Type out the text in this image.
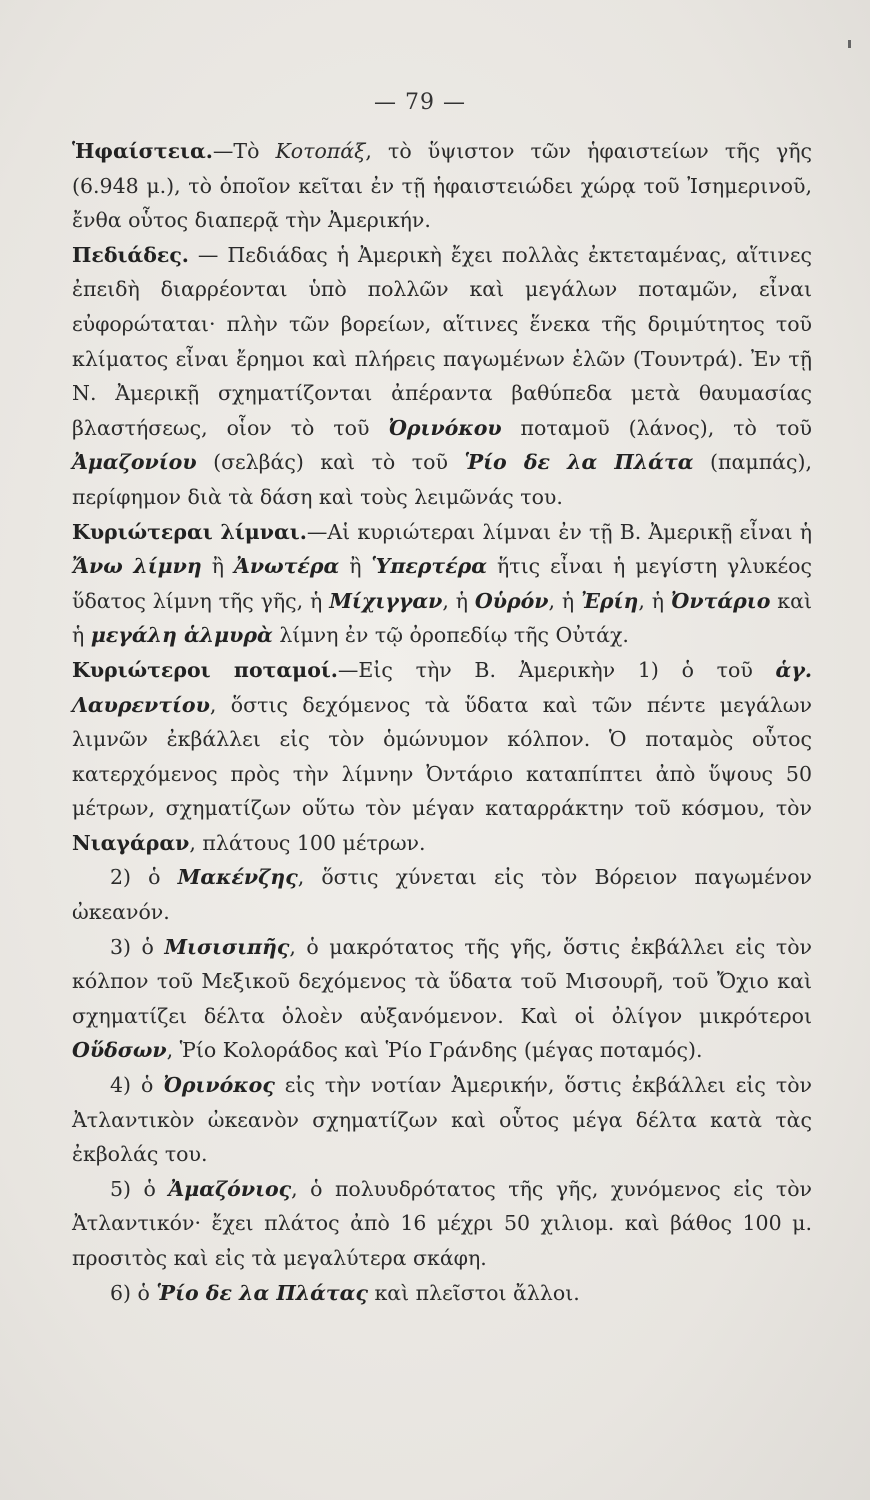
— 79 —

Ἡφαίστεια.—Τὸ Κοτοπάξ, τὸ ὕψιστον τῶν ἡφαιστείων τῆς γῆς (6.948 μ.), τὸ ὁποῖον κεῖται ἐν τῇ ἡφαιστειώδει χώρᾳ τοῦ Ἰσημερινοῦ, ἔνθα οὗτος διαπερᾷ τὴν Ἀμερικήν.

Πεδιάδες. — Πεδιάδας ἡ Ἀμερικὴ ἔχει πολλὰς ἐκτεταμένας, αἵτινες ἐπειδὴ διαρρέονται ὑπὸ πολλῶν καὶ μεγάλων ποταμῶν, εἶναι εὐφορώταται· πλὴν τῶν βορείων, αἵτινες ἕνεκα τῆς δριμύτητος τοῦ κλίματος εἶναι ἔρημοι καὶ πλήρεις παγωμένων ἑλῶν (Τουντρά). Ἐν τῇ Ν. Ἀμερικῇ σχηματίζονται ἀπέραντα βαθύπεδα μετὰ θαυμασίας βλαστήσεως, οἷον τὸ τοῦ Ὀρινόκου ποταμοῦ (λάνος), τὸ τοῦ Ἀμαζονίου (σελβάς) καὶ τὸ τοῦ Ῥίο δε λα Πλάτα (παμπάς), περίφημον διὰ τὰ δάση καὶ τοὺς λειμῶνάς του.

Κυριώτεραι λίμναι.—Αἱ κυριώτεραι λίμναι ἐν τῇ Β. Ἀμερικῇ εἶναι ἡ Ἄνω λίμνη ἢ Ἀνωτέρα ἢ Ὑπερτέρα ἥτις εἶναι ἡ μεγίστη γλυκέος ὕδατος λίμνη τῆς γῆς, ἡ Μίχιγγαν, ἡ Οὑρόν, ἡ Ἐρίη, ἡ Ὀντάριο καὶ ἡ μεγάλη ἁλμυρὰ λίμνη ἐν τῷ ὀροπεδίῳ τῆς Οὐτάχ.

Κυριώτεροι ποταμοί.—Εἰς τὴν Β. Ἀμερικὴν 1) ὁ τοῦ ἁγ. Λαυρεντίου, ὅστις δεχόμενος τὰ ὕδατα καὶ τῶν πέντε μεγάλων λιμνῶν ἐκβάλλει εἰς τὸν ὁμώνυμον κόλπον. Ὁ ποταμὸς οὗτος κατερχόμενος πρὸς τὴν λίμνην Ὀντάριο καταπίπτει ἀπὸ ὕψους 50 μέτρων, σχηματίζων οὕτω τὸν μέγαν καταρράκτην τοῦ κόσμου, τὸν Νιαγάραν, πλάτους 100 μέτρων.

2) ὁ Μακένζης, ὅστις χύνεται εἰς τὸν Βόρειον παγωμένον ὠκεανόν.

3) ὁ Μισισιπῆς, ὁ μακρότατος τῆς γῆς, ὅστις ἐκβάλλει εἰς τὸν κόλπον τοῦ Μεξικοῦ δεχόμενος τὰ ὕδατα τοῦ Μισουρῆ, τοῦ Ὄχιο καὶ σχηματίζει δέλτα ὁλοὲν αὐξανόμενον. Καὶ οἱ ὀλίγον μικρότεροι Οὕδσων, Ῥίο Κολοράδος καὶ Ῥίο Γράνδης (μέγας ποταμός).

4) ὁ Ὀρινόκος εἰς τὴν νοτίαν Ἀμερικήν, ὅστις ἐκβάλλει εἰς τὸν Ἀτλαντικὸν ὠκεανὸν σχηματίζων καὶ οὗτος μέγα δέλτα κατὰ τὰς ἐκβολάς του.

5) ὁ Ἀμαζόνιος, ὁ πολυυδρότατος τῆς γῆς, χυνόμενος εἰς τὸν Ἀτλαντικόν· ἔχει πλάτος ἀπὸ 16 μέχρι 50 χιλιομ. καὶ βάθος 100 μ. προσιτὸς καὶ εἰς τὰ μεγαλύτερα σκάφη.

6) ὁ Ῥίο δε λα Πλάτας καὶ πλεῖστοι ἄλλοι.
